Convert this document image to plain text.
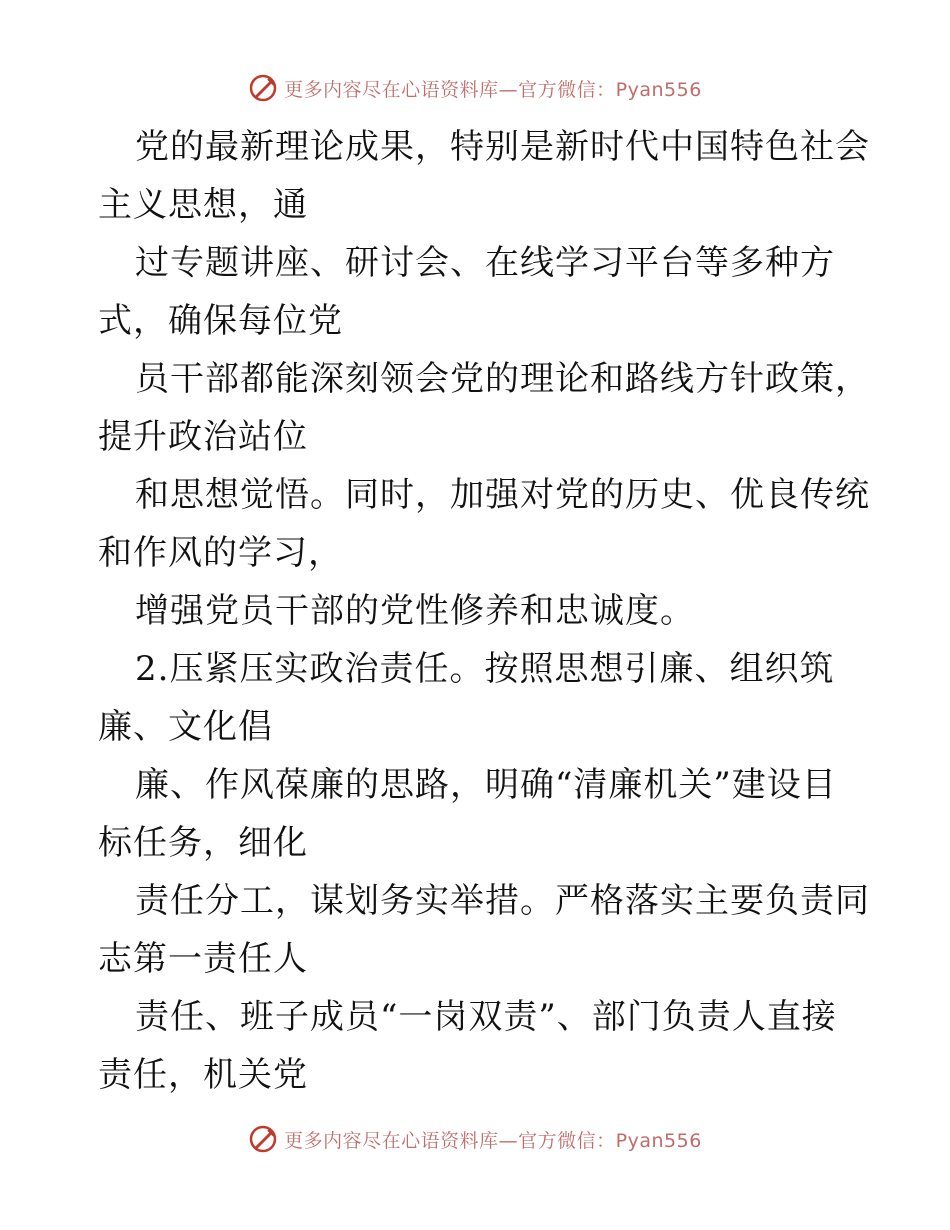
更多内容尽在心语资料库—官方微信：Pyan556
党的最新理论成果，特别是新时代中国特色社会
主义思想，通
过专题讲座、研讨会、在线学习平台等多种方
式，确保每位党
员干部都能深刻领会党的理论和路线方针政策，
提升政治站位
和思想觉悟。同时，加强对党的历史、优良传统
和作风的学习，
增强党员干部的党性修养和忠诚度。
2.压紧压实政治责任。按照思想引廉、组织筑
廉、文化倡
廉、作风葆廉的思路，明确“清廉机关”建设目
标任务，细化
责任分工，谋划务实举措。严格落实主要负责同
志第一责任人
责任、班子成员“一岗双责”、部门负责人直接
责任，机关党
更多内容尽在心语资料库—官方微信：Pyan556
